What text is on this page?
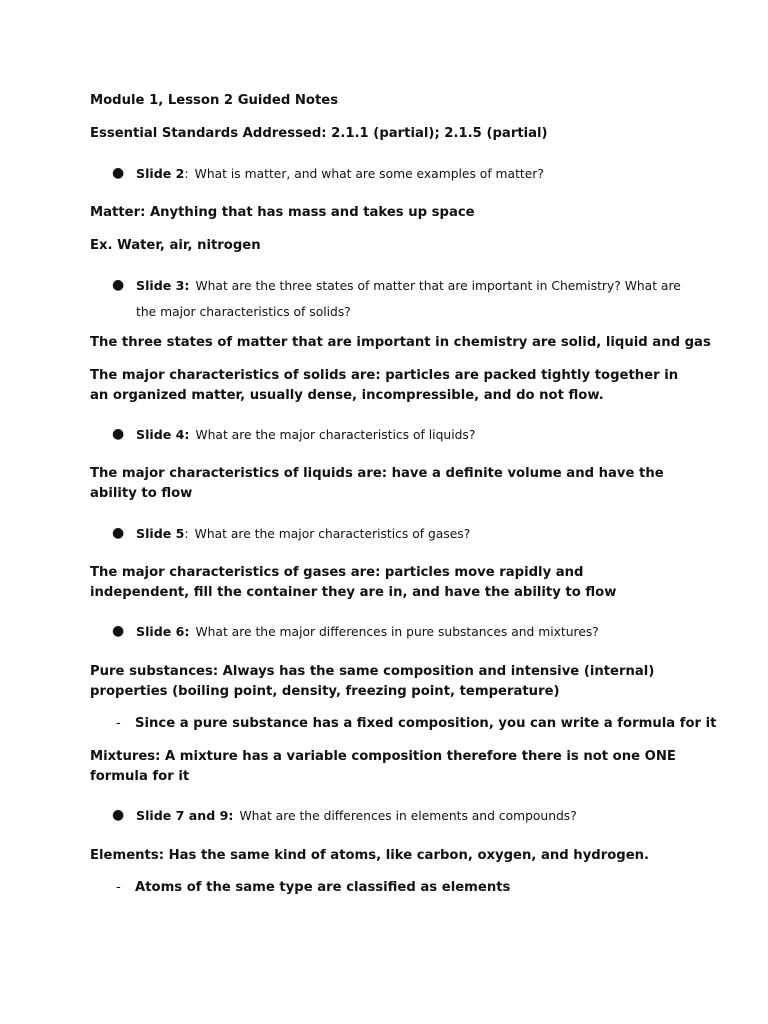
Module 1, Lesson 2 Guided Notes

Essential Standards Addressed: 2.1.1 (partial); 2.1.5 (partial)

● Slide 2: What is matter, and what are some examples of matter?

Matter: Anything that has mass and takes up space

Ex. Water, air, nitrogen

● Slide 3: What are the three states of matter that are important in Chemistry? What are the major characteristics of solids?

The three states of matter that are important in chemistry are solid, liquid and gas

The major characteristics of solids are: particles are packed tightly together in an organized matter, usually dense, incompressible, and do not flow.

● Slide 4: What are the major characteristics of liquids?

The major characteristics of liquids are: have a definite volume and have the ability to flow

● Slide 5: What are the major characteristics of gases?

The major characteristics of gases are: particles move rapidly and independent, fill the container they are in, and have the ability to flow

● Slide 6: What are the major differences in pure substances and mixtures?

Pure substances: Always has the same composition and intensive (internal) properties (boiling point, density, freezing point, temperature)

- Since a pure substance has a fixed composition, you can write a formula for it

Mixtures: A mixture has a variable composition therefore there is not one ONE formula for it

● Slide 7 and 9: What are the differences in elements and compounds?

Elements: Has the same kind of atoms, like carbon, oxygen, and hydrogen.

- Atoms of the same type are classified as elements
